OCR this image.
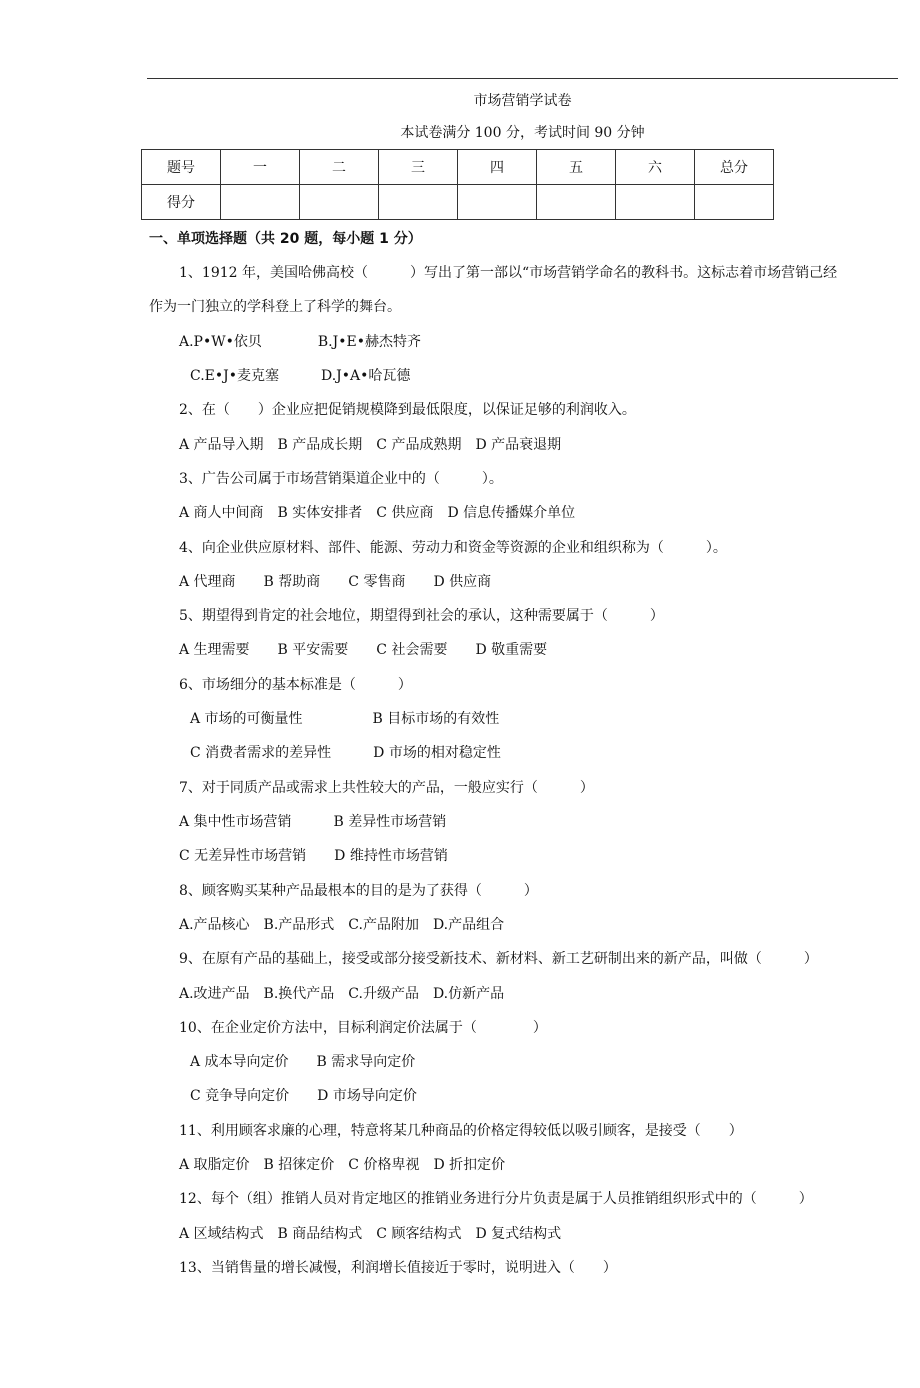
市场营销学试卷
本试卷满分 100 分，考试时间 90 分钟
题号	一	二	三	四	五	六	总分
得分							
一、单项选择题（共 20 题，每小题 1 分）
1、1912 年，美国哈佛高校（　　　）写出了第一部以“市场营销学命名的教科书。这标志着市场营销己经
作为一门独立的学科登上了科学的舞台。
A.P•W•依贝　　　　B.J•E•赫杰特齐
C.E•J•麦克塞　　　D.J•A•哈瓦德
2、在（　　）企业应把促销规模降到最低限度，以保证足够的利润收入。
A 产品导入期　B 产品成长期　C 产品成熟期　D 产品衰退期
3、广告公司属于市场营销渠道企业中的（　　　）。
A 商人中间商　B 实体安排者　C 供应商　D 信息传播媒介单位
4、向企业供应原材料、部件、能源、劳动力和资金等资源的企业和组织称为（　　　）。
A 代理商　　B 帮助商　　C 零售商　　D 供应商
5、期望得到肯定的社会地位，期望得到社会的承认，这种需要属于（　　　）
A 生理需要　　B 平安需要　　C 社会需要　　D 敬重需要
6、市场细分的基本标准是（　　　）
A 市场的可衡量性　　　　　B 目标市场的有效性
C 消费者需求的差异性　　　D 市场的相对稳定性
7、对于同质产品或需求上共性较大的产品，一般应实行（　　　）
A 集中性市场营销　　　B 差异性市场营销
C 无差异性市场营销　　D 维持性市场营销
8、顾客购买某种产品最根本的目的是为了获得（　　　）
A.产品核心　B.产品形式　C.产品附加　D.产品组合
9、在原有产品的基础上，接受或部分接受新技术、新材料、新工艺研制出来的新产品，叫做（　　　）
A.改进产品　B.换代产品　C.升级产品　D.仿新产品
10、在企业定价方法中，目标利润定价法属于（　　　　）
A 成本导向定价　　B 需求导向定价
C 竞争导向定价　　D 市场导向定价
11、利用顾客求廉的心理，特意将某几种商品的价格定得较低以吸引顾客，是接受（　　）
A 取脂定价　B 招徕定价　C 价格卑视　D 折扣定价
12、每个（组）推销人员对肯定地区的推销业务进行分片负责是属于人员推销组织形式中的（　　　）
A 区域结构式　B 商品结构式　C 顾客结构式　D 复式结构式
13、当销售量的增长减慢，利润增长值接近于零时，说明进入（　　）
